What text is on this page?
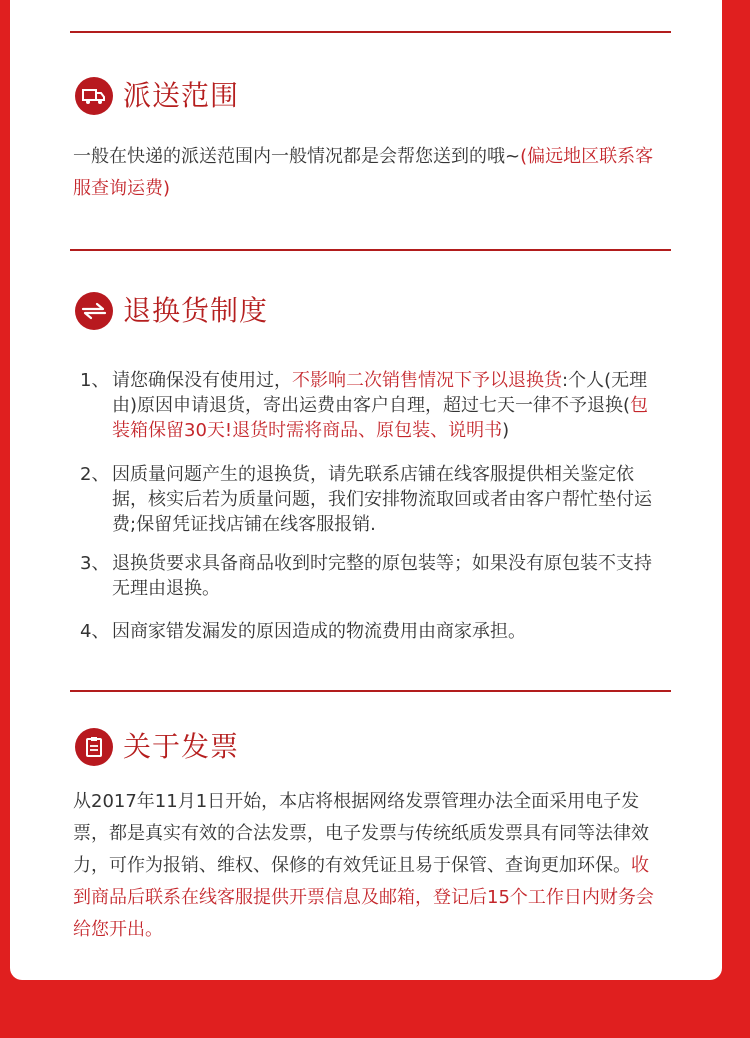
派送范围
一般在快递的派送范围内一般情况都是会帮您送到的哦~(偏远地区联系客服查询运费)
退换货制度
1、 请您确保没有使用过，不影响二次销售情况下予以退换货:个人(无理由)原因申请退货，寄出运费由客户自理，超过七天一律不予退换(包装箱保留30天!退货时需将商品、原包装、说明书)
2、 因质量问题产生的退换货，请先联系店铺在线客服提供相关鉴定依据，核实后若为质量问题，我们安排物流取回或者由客户帮忙垫付运费;保留凭证找店铺在线客服报销.
3、 退换货要求具备商品收到时完整的原包装等；如果没有原包装不支持无理由退换。
4、 因商家错发漏发的原因造成的物流费用由商家承担。
关于发票
从2017年11月1日开始，本店将根据网络发票管理办法全面采用电子发票，都是真实有效的合法发票，电子发票与传统纸质发票具有同等法律效力，可作为报销、维权、保修的有效凭证且易于保管、查询更加环保。收到商品后联系在线客服提供开票信息及邮箱，登记后15个工作日内财务会给您开出。
